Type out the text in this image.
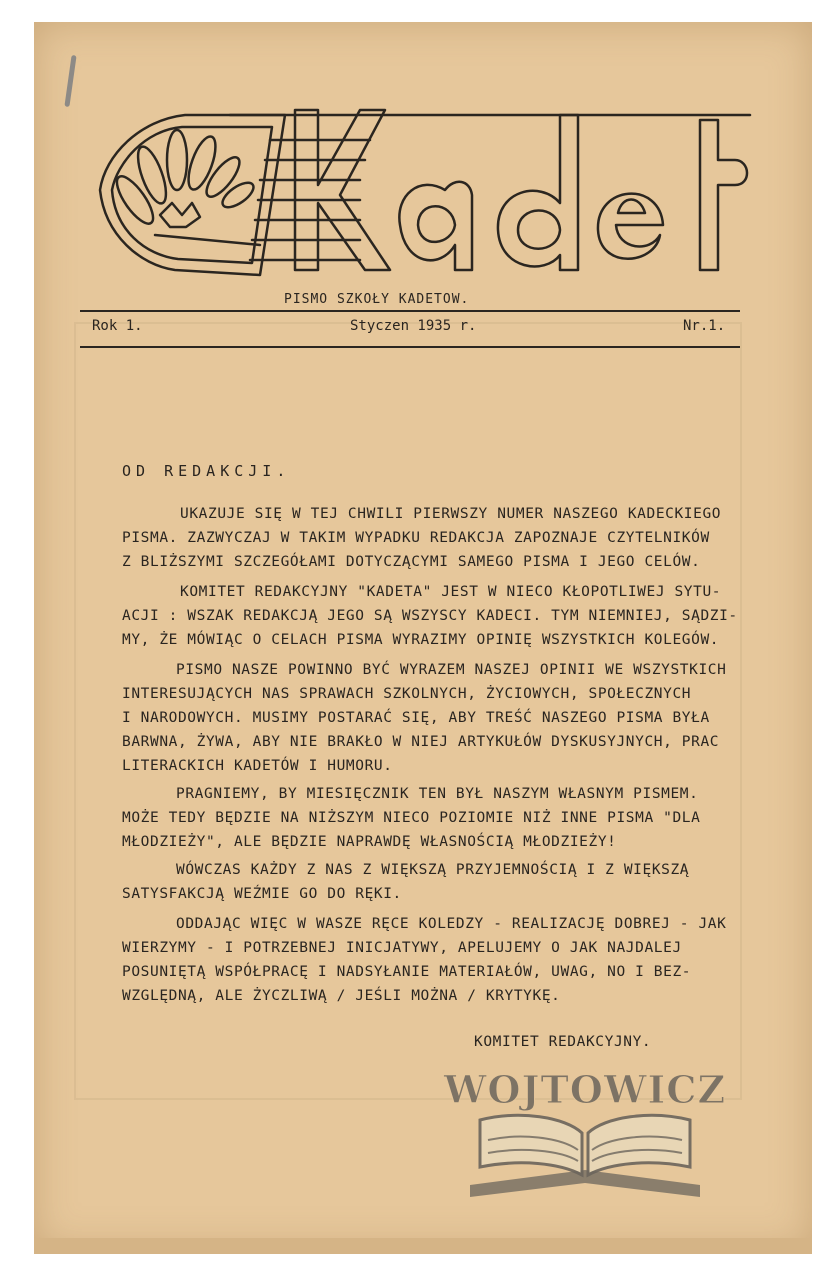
PISMO SZKOŁY KADETOW.
Rok 1.	Styczen 1935 r.	Nr.1.
OD REDAKCJI.
UKAZUJE SIĘ W TEJ CHWILI PIERWSZY NUMER NASZEGO KADECKIEGO
PISMA. ZAZWYCZAJ W TAKIM WYPADKU REDAKCJA ZAPOZNAJE CZYTELNIKÓW
Z BLIŻSZYMI SZCZEGÓŁAMI DOTYCZĄCYMI SAMEGO PISMA I JEGO CELÓW.
KOMITET REDAKCYJNY "KADETA" JEST W NIECO KŁOPOTLIWEJ SYTU-
ACJI : WSZAK REDAKCJĄ JEGO SĄ WSZYSCY KADECI. TYM NIEMNIEJ, SĄDZI-
MY, ŻE MÓWIĄC O CELACH PISMA WYRAZIMY OPINIĘ WSZYSTKICH KOLEGÓW.
PISMO NASZE POWINNO BYĆ WYRAZEM NASZEJ OPINII WE WSZYSTKICH
INTERESUJĄCYCH NAS SPRAWACH SZKOLNYCH, ŻYCIOWYCH, SPOŁECZNYCH
I NARODOWYCH. MUSIMY POSTARAĆ SIĘ, ABY TREŚĆ NASZEGO PISMA BYŁA
BARWNA, ŻYWA, ABY NIE BRAKŁO W NIEJ ARTYKUŁÓW DYSKUSYJNYCH, PRAC
LITERACKICH KADETÓW I HUMORU.
PRAGNIEMY, BY MIESIĘCZNIK TEN BYŁ NASZYM WŁASNYM PISMEM.
MOŻE TEDY BĘDZIE NA NIŻSZYM NIECO POZIOMIE NIŻ INNE PISMA "DLA
MŁODZIEŻY", ALE BĘDZIE NAPRAWDĘ WŁASNOŚCIĄ MŁODZIEŻY!
WÓWCZAS KAŻDY Z NAS Z WIĘKSZĄ PRZYJEMNOŚCIĄ I Z WIĘKSZĄ
SATYSFAKCJĄ WEŹMIE GO DO RĘKI.
ODDAJĄC WIĘC W WASZE RĘCE KOLEDZY - REALIZACJĘ DOBREJ - JAK
WIERZYMY - I POTRZEBNEJ INICJATYWY, APELUJEMY O JAK NAJDALEJ
POSUNIĘTĄ WSPÓŁPRACĘ I NADSYŁANIE MATERIAŁÓW, UWAG, NO I BEZ-
WZGLĘDNĄ, ALE ŻYCZLIWĄ / JEŚLI MOŻNA / KRYTYKĘ.
KOMITET REDAKCYJNY.
WOJTOWICZ
